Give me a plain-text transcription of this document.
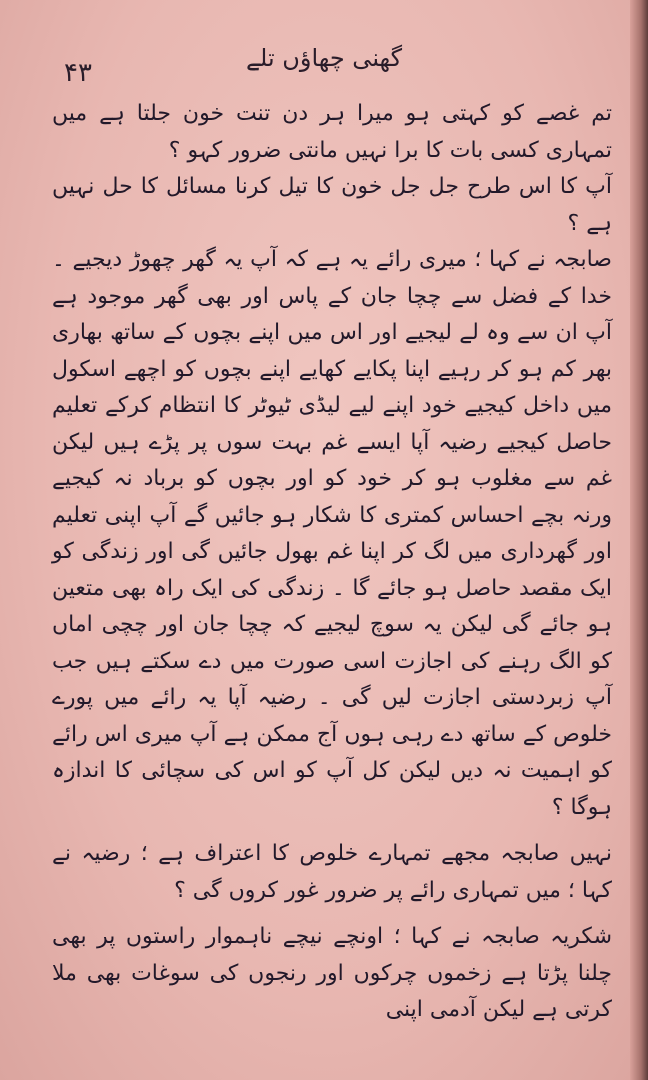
۴۳	گھنی چھاؤں تلے

تم غصے کو کہتی ہو میرا ہر دن تنت خون جلتا ہے میں تمہاری کسی بات کا برا نہیں مانتی ضرور کہو ؟

آپ کا اس طرح جل جل خون کا تیل کرنا مسائل کا حل نہیں ہے ؟

صابجہ نے کہا ؛ میری رائے یہ ہے کہ آپ یہ گھر چھوڑ دیجیے ۔ خدا کے فضل سے چچا جان کے پاس اور بھی گھر موجود ہے آپ ان سے وہ لے لیجیے اور اس میں اپنے بچوں کے ساتھ بھاری بھر کم ہو کر رہیے اپنا پکایے کھایے اپنے بچوں کو اچھے اسکول میں داخل کیجیے خود اپنے لیے لیڈی ٹیوٹر کا انتظام کرکے تعلیم حاصل کیجیے رضیہ آپا ایسے غم بہت سوں پر پڑے ہیں لیکن غم سے مغلوب ہو کر خود کو اور بچوں کو برباد نہ کیجیے ورنہ بچے احساس کمتری کا شکار ہو جائیں گے آپ اپنی تعلیم اور گھرداری میں لگ کر اپنا غم بھول جائیں گی اور زندگی کو ایک مقصد حاصل ہو جائے گا ۔ زندگی کی ایک راہ بھی متعین ہو جائے گی لیکن یہ سوچ لیجیے کہ چچا جان اور چچی اماں کو الگ رہنے کی اجازت اسی صورت میں دے سکتے ہیں جب آپ زبردستی اجازت لیں گی ۔ رضیہ آپا یہ رائے میں پورے خلوص کے ساتھ دے رہی ہوں آج ممکن ہے آپ میری اس رائے کو اہمیت نہ دیں لیکن کل آپ کو اس کی سچائی کا اندازہ ہوگا ؟

نہیں صابجہ مجھے تمہارے خلوص کا اعتراف ہے ؛ رضیہ نے کہا ؛ میں تمہاری رائے پر ضرور غور کروں گی ؟

شکریہ صابجہ نے کہا ؛ اونچے نیچے ناہموار راستوں پر بھی چلنا پڑتا ہے زخموں چرکوں اور رنجوں کی سوغات بھی ملا کرتی ہے لیکن آدمی اپنی
